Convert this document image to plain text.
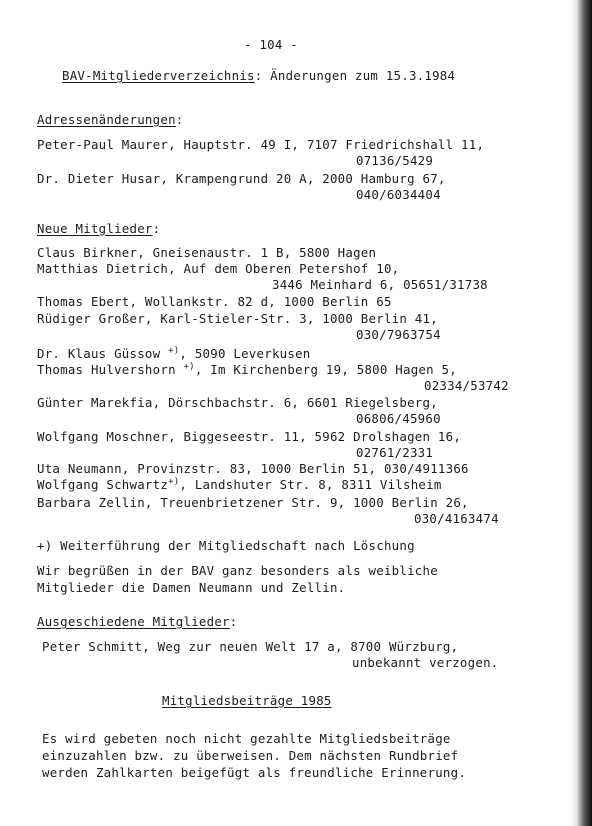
- 104 -
BAV-Mitgliederverzeichnis: Änderungen zum 15.3.1984
Adressenänderungen:
Peter-Paul Maurer, Hauptstr. 49 I, 7107 Friedrichshall 11,
07136/5429
Dr. Dieter Husar, Krampengrund 20 A, 2000 Hamburg 67,
040/6034404
Neue Mitglieder:
Claus Birkner, Gneisenaustr. 1 B, 5800 Hagen
Matthias Dietrich, Auf dem Oberen Petershof 10,
3446 Meinhard 6, 05651/31738
Thomas Ebert, Wollankstr. 82 d, 1000 Berlin 65
Rüdiger Großer, Karl-Stieler-Str. 3, 1000 Berlin 41,
030/7963754
Dr. Klaus Güssow +), 5090 Leverkusen
Thomas Hulvershorn +), Im Kirchenberg 19, 5800 Hagen 5,
02334/53742
Günter Marekfia, Dörschbachstr. 6, 6601 Riegelsberg,
06806/45960
Wolfgang Moschner, Biggeseestr. 11, 5962 Drolshagen 16,
02761/2331
Uta Neumann, Provinzstr. 83, 1000 Berlin 51, 030/4911366
Wolfgang Schwartz+), Landshuter Str. 8, 8311 Vilsheim
Barbara Zellin, Treuenbrietzener Str. 9, 1000 Berlin 26,
030/4163474
+) Weiterführung der Mitgliedschaft nach Löschung
Wir begrüßen in der BAV ganz besonders als weibliche
Mitglieder die Damen Neumann und Zellin.
Ausgeschiedene Mitglieder:
Peter Schmitt, Weg zur neuen Welt 17 a, 8700 Würzburg,
unbekannt verzogen.
Mitgliedsbeiträge 1985
Es wird gebeten noch nicht gezahlte Mitgliedsbeiträge
einzuzahlen bzw. zu überweisen. Dem nächsten Rundbrief
werden Zahlkarten beigefügt als freundliche Erinnerung.
